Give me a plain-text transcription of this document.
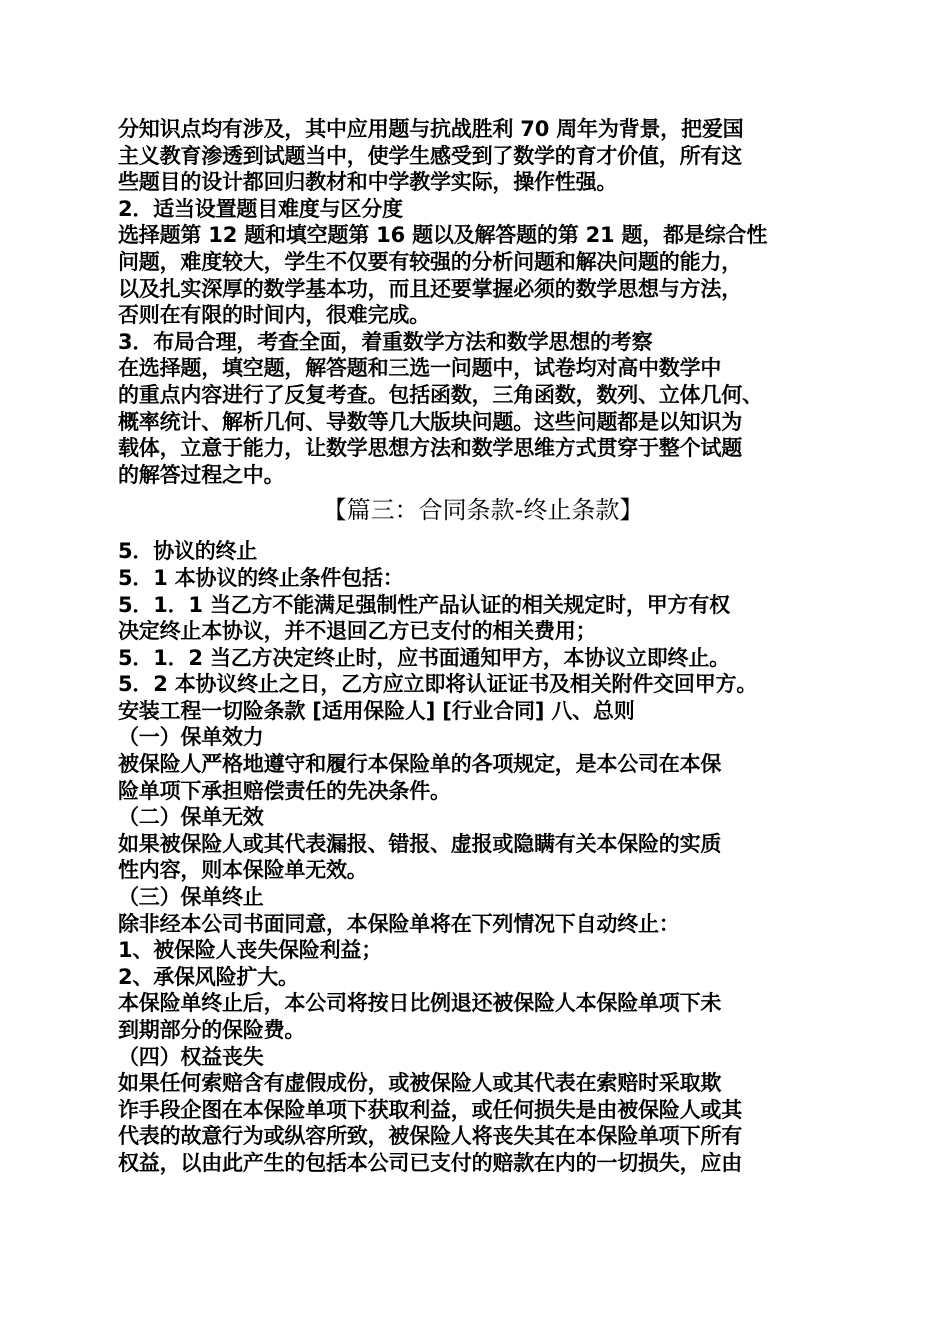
分知识点均有涉及，其中应用题与抗战胜利 70 周年为背景，把爱国
主义教育渗透到试题当中，使学生感受到了数学的育才价值，所有这
些题目的设计都回归教材和中学教学实际，操作性强。
2．适当设置题目难度与区分度
选择题第 12 题和填空题第 16 题以及解答题的第 21 题，都是综合性
问题，难度较大，学生不仅要有较强的分析问题和解决问题的能力，
以及扎实深厚的数学基本功，而且还要掌握必须的数学思想与方法，
否则在有限的时间内，很难完成。
3．布局合理，考查全面，着重数学方法和数学思想的考察
在选择题，填空题，解答题和三选一问题中，试卷均对高中数学中
的重点内容进行了反复考查。包括函数，三角函数，数列、立体几何、
概率统计、解析几何、导数等几大版块问题。这些问题都是以知识为
载体，立意于能力，让数学思想方法和数学思维方式贯穿于整个试题
的解答过程之中。
【篇三：合同条款-终止条款】
5．协议的终止
5．1 本协议的终止条件包括：
5．1．1 当乙方不能满足强制性产品认证的相关规定时，甲方有权
决定终止本协议，并不退回乙方已支付的相关费用；
5．1．2 当乙方决定终止时，应书面通知甲方，本协议立即终止。
5．2 本协议终止之日，乙方应立即将认证证书及相关附件交回甲方。
安装工程一切险条款 [适用保险人] [行业合同] 八、总则
（一）保单效力
被保险人严格地遵守和履行本保险单的各项规定，是本公司在本保
险单项下承担赔偿责任的先决条件。
（二）保单无效
如果被保险人或其代表漏报、错报、虚报或隐瞒有关本保险的实质
性内容，则本保险单无效。
（三）保单终止
除非经本公司书面同意，本保险单将在下列情况下自动终止：
1、被保险人丧失保险利益；
2、承保风险扩大。
本保险单终止后，本公司将按日比例退还被保险人本保险单项下未
到期部分的保险费。
（四）权益丧失
如果任何索赔含有虚假成份，或被保险人或其代表在索赔时采取欺
诈手段企图在本保险单项下获取利益，或任何损失是由被保险人或其
代表的故意行为或纵容所致，被保险人将丧失其在本保险单项下所有
权益，以由此产生的包括本公司已支付的赔款在内的一切损失，应由
